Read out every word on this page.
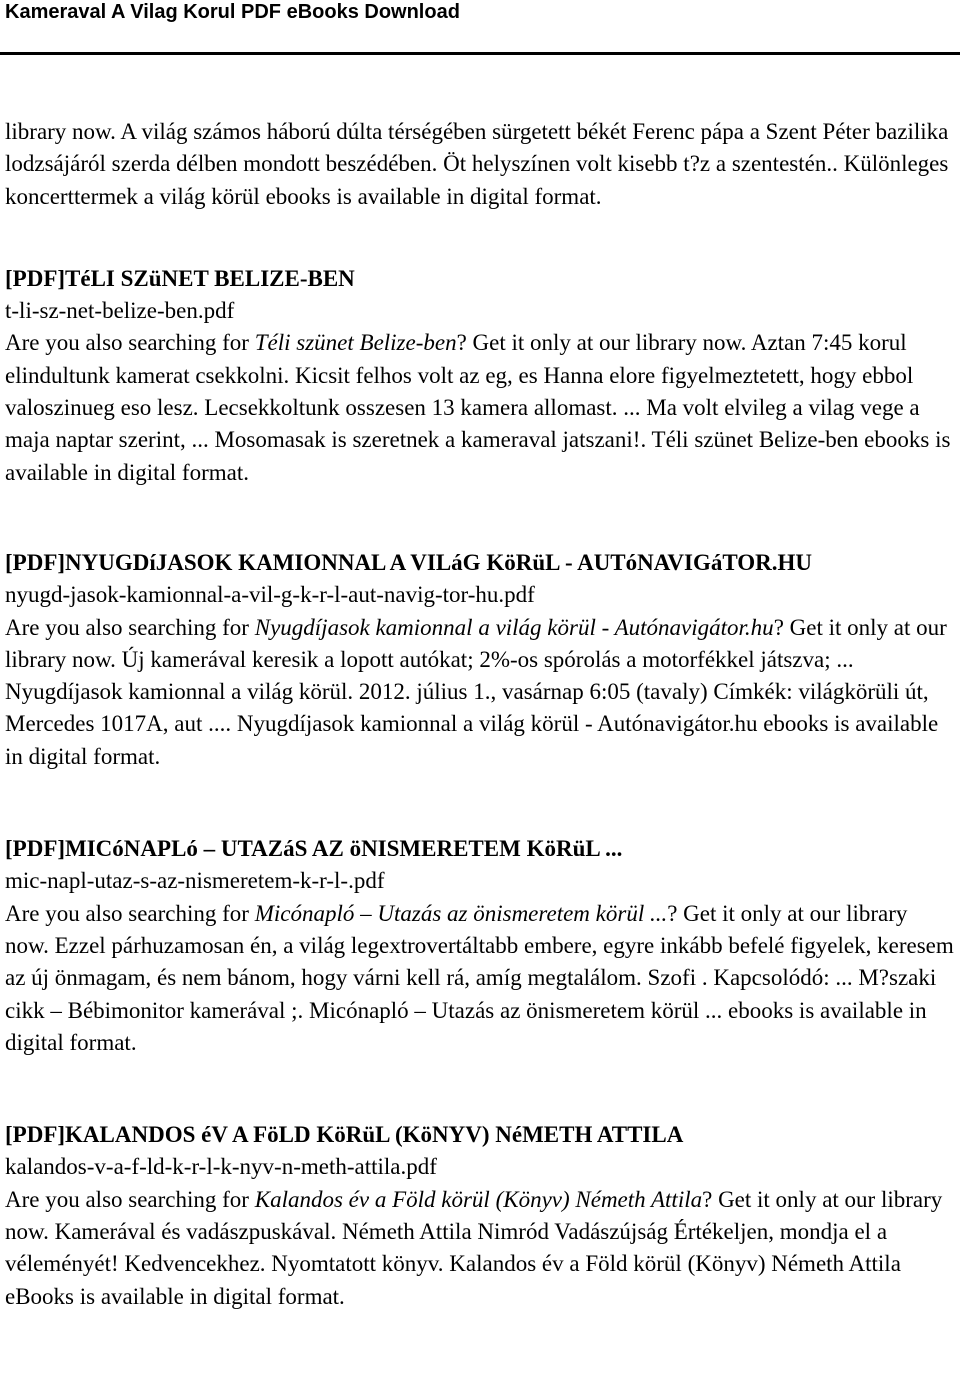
Kameraval A Vilag Korul PDF eBooks Download

library now. A világ számos háború dúlta térségében sürgetett békét Ferenc pápa a Szent Péter bazilika lodzsájáról szerda délben mondott beszédében. Öt helyszínen volt kisebb t?z a szentestén.. Különleges koncerttermek a világ körül ebooks is available in digital format.

[PDF]TéLI SZüNET BELIZE-BEN

t-li-sz-net-belize-ben.pdf

Are you also searching for Téli szünet Belize-ben? Get it only at our library now. Aztan 7:45 korul elindultunk kamerat csekkolni. Kicsit felhos volt az eg, es Hanna elore figyelmeztetett, hogy ebbol valoszinueg eso lesz. Lecsekkoltunk osszesen 13 kamera allomast. ... Ma volt elvileg a vilag vege a maja naptar szerint, ... Mosomasak is szeretnek a kameraval jatszani!. Téli szünet Belize-ben ebooks is available in digital format.

[PDF]NYUGDíJASOK KAMIONNAL A VILáG KöRüL - AUTóNAVIGáTOR.HU

nyugd-jasok-kamionnal-a-vil-g-k-r-l-aut-navig-tor-hu.pdf

Are you also searching for Nyugdíjasok kamionnal a világ körül - Autónavigátor.hu? Get it only at our library now. Új kamerával keresik a lopott autókat; 2%-os spórolás a motorfékkel játszva; ... Nyugdíjasok kamionnal a világ körül. 2012. július 1., vasárnap 6:05 (tavaly) Címkék: világkörüli út, Mercedes 1017A, aut .... Nyugdíjasok kamionnal a világ körül - Autónavigátor.hu ebooks is available in digital format.

[PDF]MICóNAPLó – UTAZáS AZ öNISMERETEM KöRüL ...

mic-napl-utaz-s-az-nismeretem-k-r-l-.pdf

Are you also searching for Micónapló – Utazás az önismeretem körül ...? Get it only at our library now. Ezzel párhuzamosan én, a világ legextrovertáltabb embere, egyre inkább befelé figyelek, keresem az új önmagam, és nem bánom, hogy várni kell rá, amíg megtalálom. Szofi . Kapcsolódó: ... M?szaki cikk – Bébimonitor kamerával ;. Micónapló – Utazás az önismeretem körül ... ebooks is available in digital format.

[PDF]KALANDOS éV A FöLD KöRüL (KöNYV) NéMETH ATTILA

kalandos-v-a-f-ld-k-r-l-k-nyv-n-meth-attila.pdf

Are you also searching for Kalandos év a Föld körül (Könyv) Németh Attila? Get it only at our library now. Kamerával és vadászpuskával. Németh Attila Nimród Vadászújság Értékeljen, mondja el a véleményét! Kedvencekhez. Nyomtatott könyv. Kalandos év a Föld körül (Könyv) Németh Attila eBooks is available in digital format.
